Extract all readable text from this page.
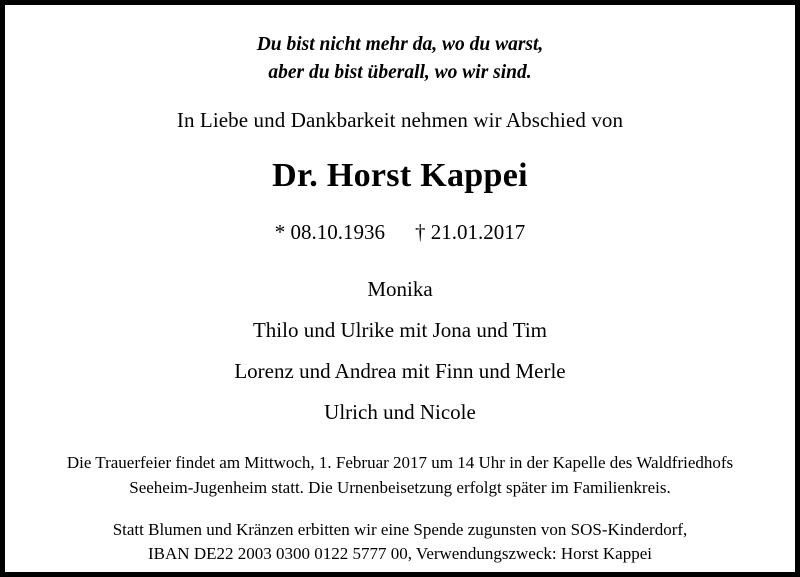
Du bist nicht mehr da, wo du warst,
aber du bist überall, wo wir sind.
In Liebe und Dankbarkeit nehmen wir Abschied von
Dr. Horst Kappei
* 08.10.1936 † 21.01.2017
Monika
Thilo und Ulrike mit Jona und Tim
Lorenz und Andrea mit Finn und Merle
Ulrich und Nicole
Die Trauerfeier findet am Mittwoch, 1. Februar 2017 um 14 Uhr in der Kapelle des Waldfriedhofs
Seeheim-Jugenheim statt. Die Urnenbeisetzung erfolgt später im Familienkreis.
Statt Blumen und Kränzen erbitten wir eine Spende zugunsten von SOS-Kinderdorf,
IBAN DE22 2003 0300 0122 5777 00, Verwendungszweck: Horst Kappei
